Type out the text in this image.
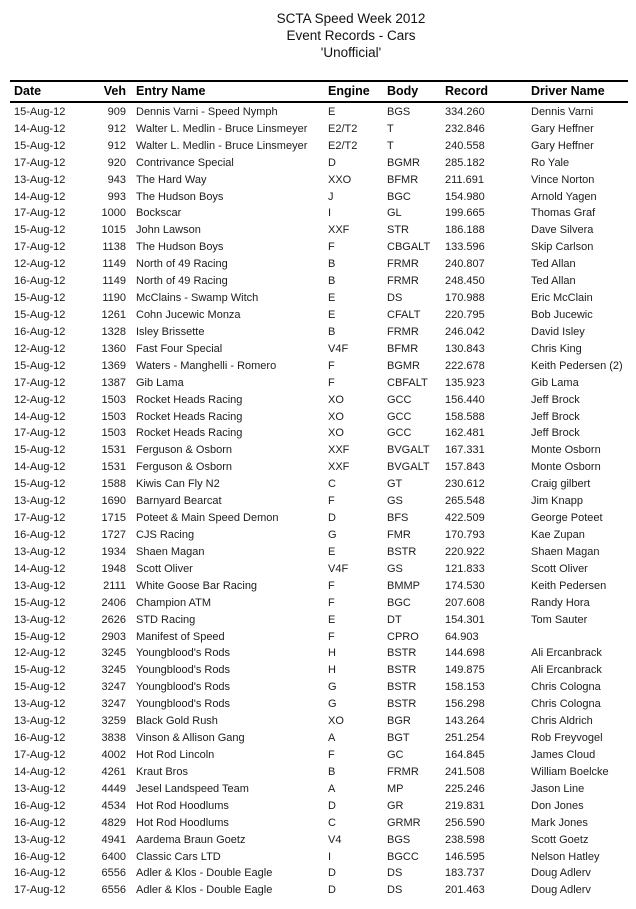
SCTA Speed Week 2012
Event Records - Cars
'Unofficial'
Date	Veh Entry Name	Engine	Body	Record	Driver Name
15-Aug-12	909 Dennis Varni - Speed Nymph	E	BGS	334.260	Dennis Varni
14-Aug-12	912 Walter L. Medlin - Bruce Linsmeyer	E2/T2	T	232.846	Gary Heffner
15-Aug-12	912 Walter L. Medlin - Bruce Linsmeyer	E2/T2	T	240.558	Gary Heffner
17-Aug-12	920 Contrivance Special	D	BGMR	285.182	Ro Yale
13-Aug-12	943 The Hard Way	XXO	BFMR	211.691	Vince Norton
14-Aug-12	993 The Hudson Boys	J	BGC	154.980	Arnold Yagen
17-Aug-12	1000 Bockscar	I	GL	199.665	Thomas Graf
15-Aug-12	1015 John Lawson	XXF	STR	186.188	Dave Silvera
17-Aug-12	1138 The Hudson Boys	F	CBGALT	133.596	Skip Carlson
12-Aug-12	1149 North of 49 Racing	B	FRMR	240.807	Ted Allan
16-Aug-12	1149 North of 49 Racing	B	FRMR	248.450	Ted Allan
15-Aug-12	1190 McClains - Swamp Witch	E	DS	170.988	Eric McClain
15-Aug-12	1261 Cohn Jucewic Monza	E	CFALT	220.795	Bob Jucewic
16-Aug-12	1328 Isley Brissette	B	FRMR	246.042	David Isley
12-Aug-12	1360 Fast Four Special	V4F	BFMR	130.843	Chris King
15-Aug-12	1369 Waters - Manghelli - Romero	F	BGMR	222.678	Keith Pedersen (2)
17-Aug-12	1387 Gib Lama	F	CBFALT	135.923	Gib Lama
12-Aug-12	1503 Rocket Heads Racing	XO	GCC	156.440	Jeff Brock
14-Aug-12	1503 Rocket Heads Racing	XO	GCC	158.588	Jeff Brock
17-Aug-12	1503 Rocket Heads Racing	XO	GCC	162.481	Jeff Brock
15-Aug-12	1531 Ferguson & Osborn	XXF	BVGALT	167.331	Monte Osborn
14-Aug-12	1531 Ferguson & Osborn	XXF	BVGALT	157.843	Monte Osborn
15-Aug-12	1588 Kiwis Can Fly N2	C	GT	230.612	Craig gilbert
13-Aug-12	1690 Barnyard Bearcat	F	GS	265.548	Jim Knapp
17-Aug-12	1715 Poteet & Main Speed Demon	D	BFS	422.509	George Poteet
16-Aug-12	1727 CJS Racing	G	FMR	170.793	Kae Zupan
13-Aug-12	1934 Shaen Magan	E	BSTR	220.922	Shaen Magan
14-Aug-12	1948 Scott Oliver	V4F	GS	121.833	Scott Oliver
13-Aug-12	2111 White Goose Bar Racing	F	BMMP	174.530	Keith Pedersen
15-Aug-12	2406 Champion ATM	F	BGC	207.608	Randy Hora
13-Aug-12	2626 STD Racing	E	DT	154.301	Tom Sauter
15-Aug-12	2903 Manifest of Speed	F	CPRO	64.903
12-Aug-12	3245 Youngblood's Rods	H	BSTR	144.698	Ali Ercanbrack
15-Aug-12	3245 Youngblood's Rods	H	BSTR	149.875	Ali Ercanbrack
15-Aug-12	3247 Youngblood's Rods	G	BSTR	158.153	Chris Cologna
13-Aug-12	3247 Youngblood's Rods	G	BSTR	156.298	Chris Cologna
13-Aug-12	3259 Black Gold Rush	XO	BGR	143.264	Chris Aldrich
16-Aug-12	3838 Vinson & Allison Gang	A	BGT	251.254	Rob Freyvogel
17-Aug-12	4002 Hot Rod Lincoln	F	GC	164.845	James Cloud
14-Aug-12	4261 Kraut Bros	B	FRMR	241.508	William Boelcke
13-Aug-12	4449 Jesel Landspeed Team	A	MP	225.246	Jason Line
16-Aug-12	4534 Hot Rod Hoodlums	D	GR	219.831	Don Jones
16-Aug-12	4829 Hot Rod Hoodlums	C	GRMR	256.590	Mark Jones
13-Aug-12	4941 Aardema Braun Goetz	V4	BGS	238.598	Scott Goetz
16-Aug-12	6400 Classic Cars LTD	I	BGCC	146.595	Nelson Hatley
16-Aug-12	6556 Adler & Klos - Double Eagle	D	DS	183.737	Doug Adlerv
17-Aug-12	6556 Adler & Klos - Double Eagle	D	DS	201.463	Doug Adlerv
